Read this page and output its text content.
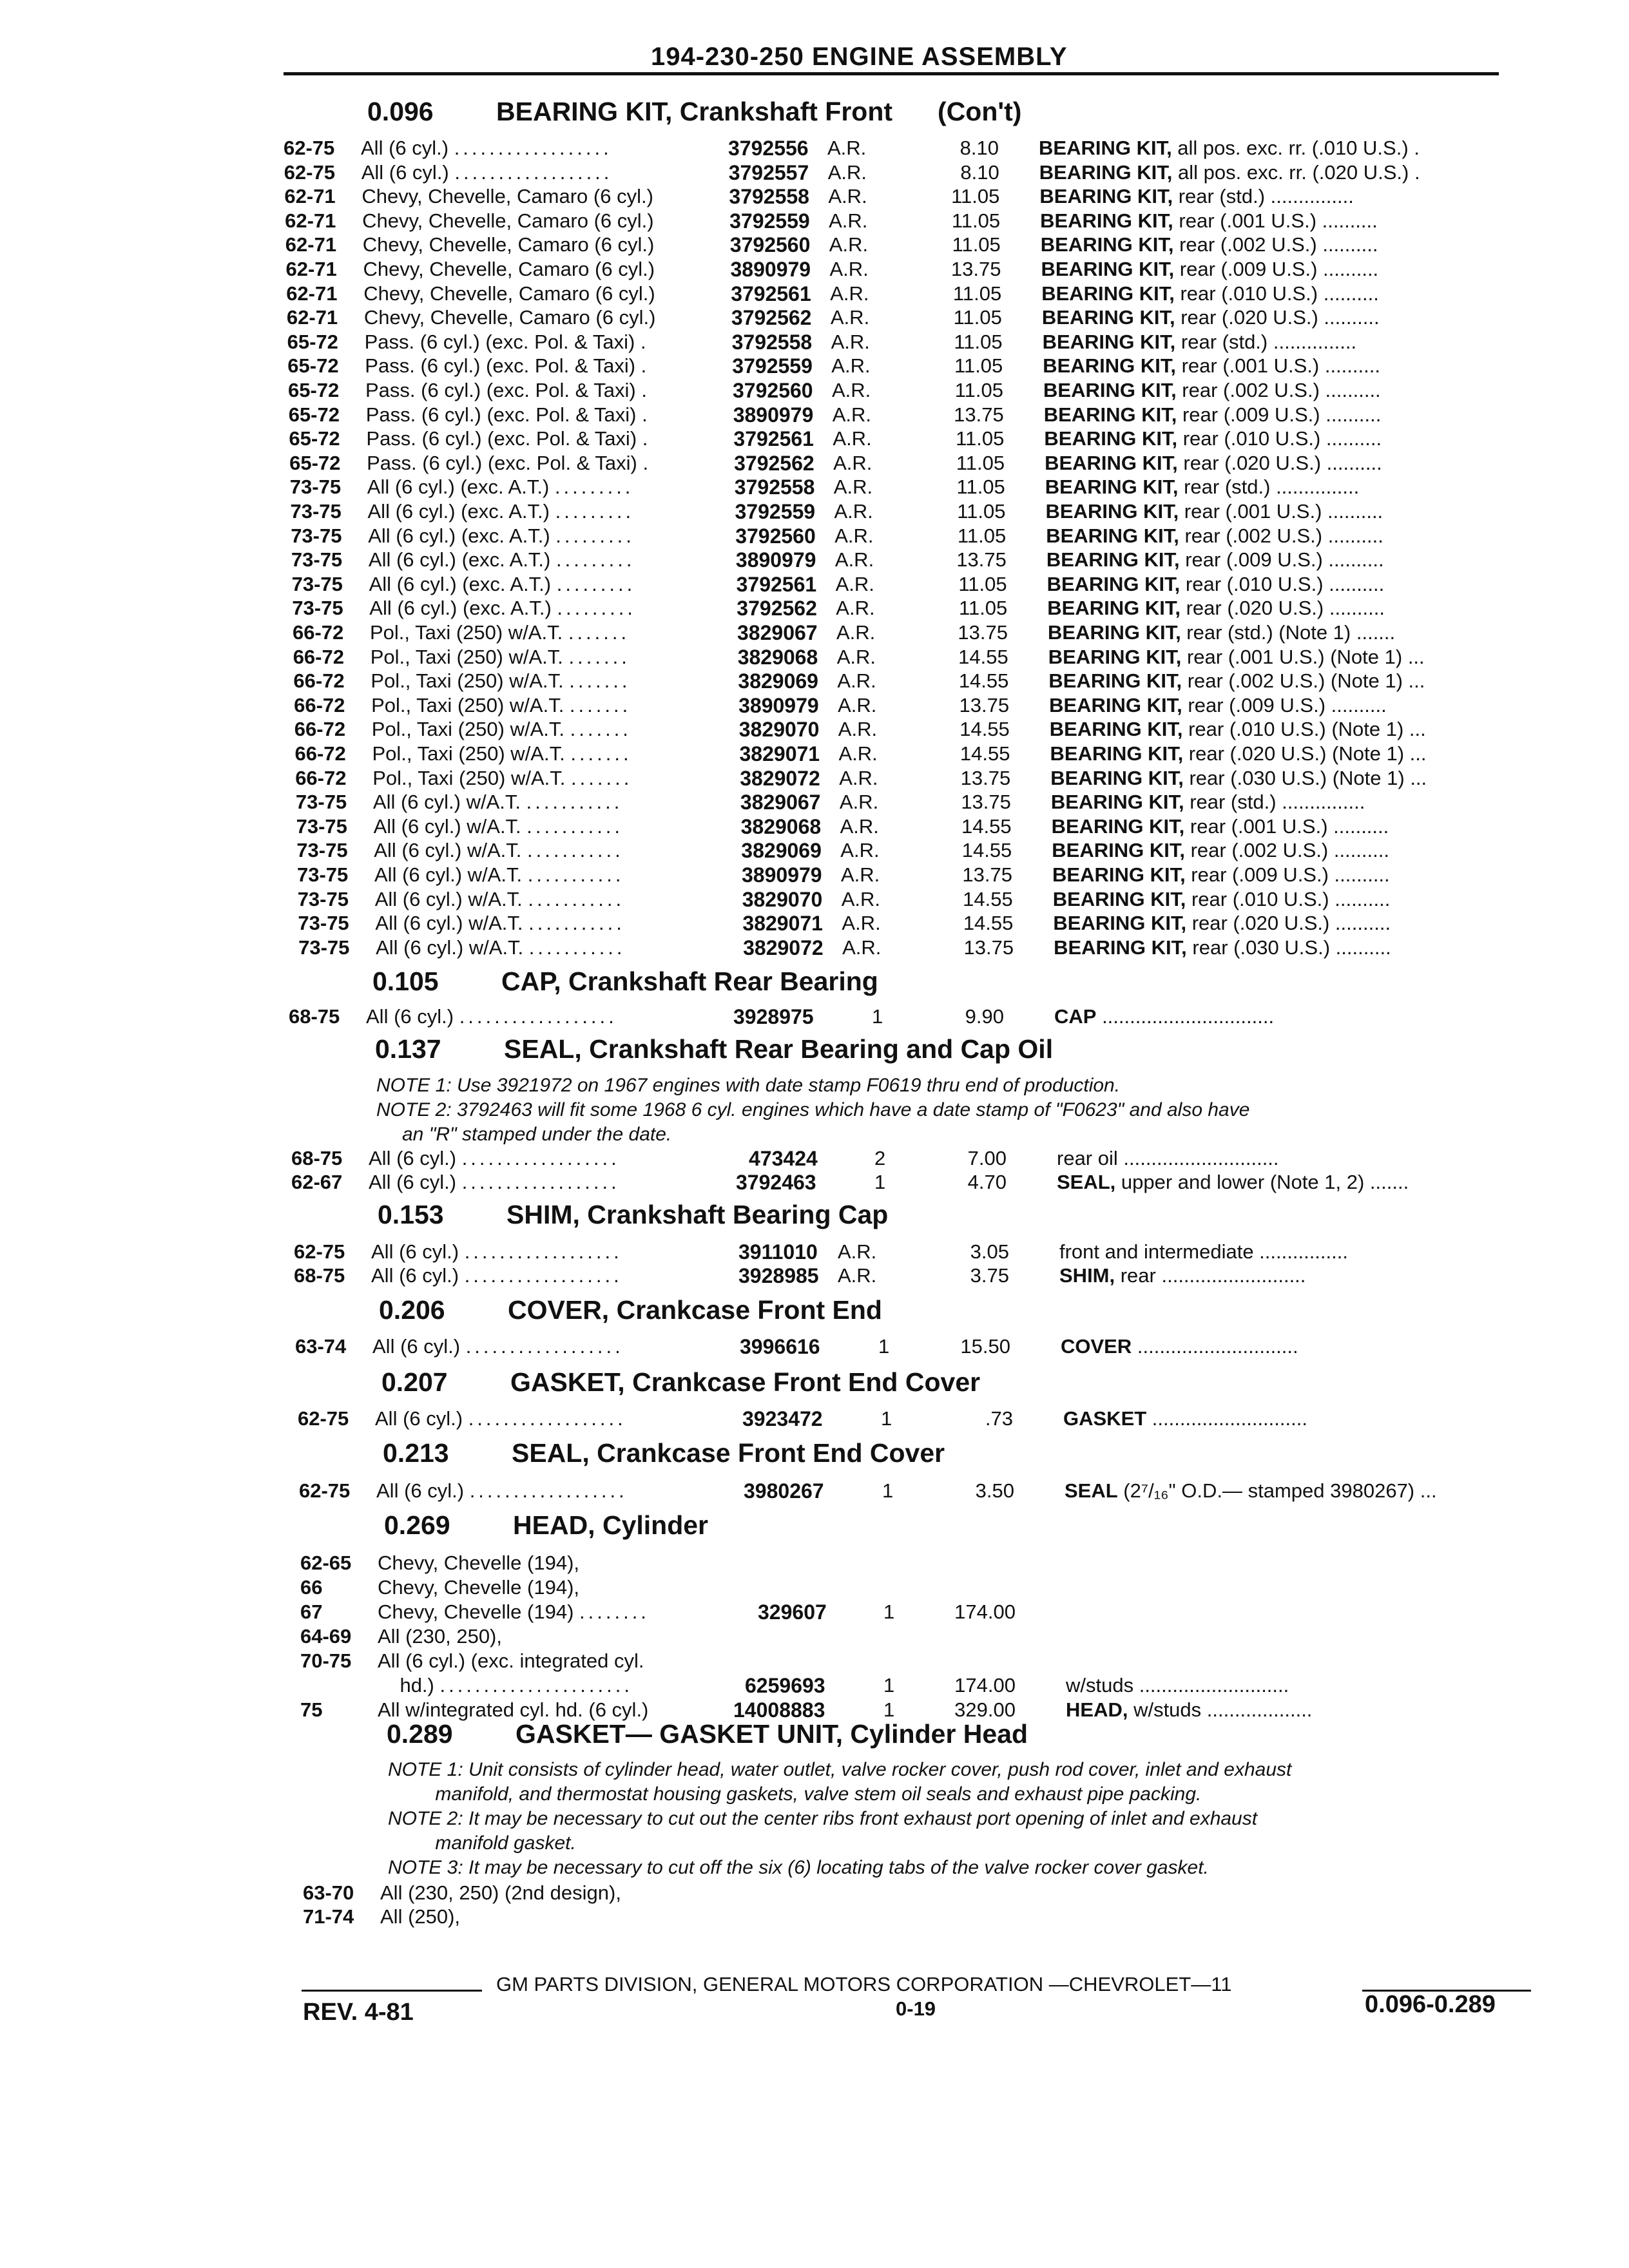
194-230-250 ENGINE ASSEMBLY
0.096 BEARING KIT, Crankshaft Front (Con't)
62-75 All (6 cyl.) ..................	3792556 A.R.	8.10 BEARING KIT, all pos. exc. rr. (.010 U.S.) .
62-75 All (6 cyl.) ..................	3792557 A.R.	8.10 BEARING KIT, all pos. exc. rr. (.020 U.S.) .
62-71 Chevy, Chevelle, Camaro (6 cyl.)	3792558 A.R.	11.05 BEARING KIT, rear (std.) ...............
62-71 Chevy, Chevelle, Camaro (6 cyl.)	3792559 A.R.	11.05 BEARING KIT, rear (.001 U.S.) ..........
62-71 Chevy, Chevelle, Camaro (6 cyl.)	3792560 A.R.	11.05 BEARING KIT, rear (.002 U.S.) ..........
62-71 Chevy, Chevelle, Camaro (6 cyl.)	3890979 A.R.	13.75 BEARING KIT, rear (.009 U.S.) ..........
62-71 Chevy, Chevelle, Camaro (6 cyl.)	3792561 A.R.	11.05 BEARING KIT, rear (.010 U.S.) ..........
62-71 Chevy, Chevelle, Camaro (6 cyl.)	3792562 A.R.	11.05 BEARING KIT, rear (.020 U.S.) ..........
65-72 Pass. (6 cyl.) (exc. Pol. & Taxi) .	3792558 A.R.	11.05 BEARING KIT, rear (std.) ...............
65-72 Pass. (6 cyl.) (exc. Pol. & Taxi) .	3792559 A.R.	11.05 BEARING KIT, rear (.001 U.S.) ..........
65-72 Pass. (6 cyl.) (exc. Pol. & Taxi) .	3792560 A.R.	11.05 BEARING KIT, rear (.002 U.S.) ..........
65-72 Pass. (6 cyl.) (exc. Pol. & Taxi) .	3890979 A.R.	13.75 BEARING KIT, rear (.009 U.S.) ..........
65-72 Pass. (6 cyl.) (exc. Pol. & Taxi) .	3792561 A.R.	11.05 BEARING KIT, rear (.010 U.S.) ..........
65-72 Pass. (6 cyl.) (exc. Pol. & Taxi) .	3792562 A.R.	11.05 BEARING KIT, rear (.020 U.S.) ..........
73-75 All (6 cyl.) (exc. A.T.) .........	3792558 A.R.	11.05 BEARING KIT, rear (std.) ...............
73-75 All (6 cyl.) (exc. A.T.) .........	3792559 A.R.	11.05 BEARING KIT, rear (.001 U.S.) ..........
73-75 All (6 cyl.) (exc. A.T.) .........	3792560 A.R.	11.05 BEARING KIT, rear (.002 U.S.) ..........
73-75 All (6 cyl.) (exc. A.T.) .........	3890979 A.R.	13.75 BEARING KIT, rear (.009 U.S.) ..........
73-75 All (6 cyl.) (exc. A.T.) .........	3792561 A.R.	11.05 BEARING KIT, rear (.010 U.S.) ..........
73-75 All (6 cyl.) (exc. A.T.) .........	3792562 A.R.	11.05 BEARING KIT, rear (.020 U.S.) ..........
66-72 Pol., Taxi (250) w/A.T. .......	3829067 A.R.	13.75 BEARING KIT, rear (std.) (Note 1) .......
66-72 Pol., Taxi (250) w/A.T. .......	3829068 A.R.	14.55 BEARING KIT, rear (.001 U.S.) (Note 1) ...
66-72 Pol., Taxi (250) w/A.T. .......	3829069 A.R.	14.55 BEARING KIT, rear (.002 U.S.) (Note 1) ...
66-72 Pol., Taxi (250) w/A.T. .......	3890979 A.R.	13.75 BEARING KIT, rear (.009 U.S.) ..........
66-72 Pol., Taxi (250) w/A.T. .......	3829070 A.R.	14.55 BEARING KIT, rear (.010 U.S.) (Note 1) ...
66-72 Pol., Taxi (250) w/A.T. .......	3829071 A.R.	14.55 BEARING KIT, rear (.020 U.S.) (Note 1) ...
66-72 Pol., Taxi (250) w/A.T. .......	3829072 A.R.	13.75 BEARING KIT, rear (.030 U.S.) (Note 1) ...
73-75 All (6 cyl.) w/A.T. ...........	3829067 A.R.	13.75 BEARING KIT, rear (std.) ...............
73-75 All (6 cyl.) w/A.T. ...........	3829068 A.R.	14.55 BEARING KIT, rear (.001 U.S.) ..........
73-75 All (6 cyl.) w/A.T. ...........	3829069 A.R.	14.55 BEARING KIT, rear (.002 U.S.) ..........
73-75 All (6 cyl.) w/A.T. ...........	3890979 A.R.	13.75 BEARING KIT, rear (.009 U.S.) ..........
73-75 All (6 cyl.) w/A.T. ...........	3829070 A.R.	14.55 BEARING KIT, rear (.010 U.S.) ..........
73-75 All (6 cyl.) w/A.T. ...........	3829071 A.R.	14.55 BEARING KIT, rear (.020 U.S.) ..........
73-75 All (6 cyl.) w/A.T. ...........	3829072 A.R.	13.75 BEARING KIT, rear (.030 U.S.) ..........
0.105 CAP, Crankshaft Rear Bearing
68-75 All (6 cyl.) ..................	3928975	1	9.90	CAP ...............................
0.137 SEAL, Crankshaft Rear Bearing and Cap Oil
NOTE 1: Use 3921972 on 1967 engines with date stamp F0619 thru end of production.
NOTE 2: 3792463 will fit some 1968 6 cyl. engines which have a date stamp of "F0623" and also have
an "R" stamped under the date.
68-75 All (6 cyl.) ..................	473424	2	7.00	rear oil ............................
62-67 All (6 cyl.) ..................	3792463	1	4.70	SEAL, upper and lower (Note 1, 2) .......
0.153 SHIM, Crankshaft Bearing Cap
62-75 All (6 cyl.) ..................	3911010 A.R.	3.05	front and intermediate ................
68-75 All (6 cyl.) ..................	3928985 A.R.	3.75	SHIM, rear ..........................
0.206 COVER, Crankcase Front End
63-74 All (6 cyl.) ..................	3996616	1	15.50	COVER .............................
0.207 GASKET, Crankcase Front End Cover
62-75 All (6 cyl.) ..................	3923472	1	.73	GASKET ............................
0.213 SEAL, Crankcase Front End Cover
62-75 All (6 cyl.) ..................	3980267	1	3.50	SEAL (2⁷/₁₆" O.D.— stamped 3980267) ...
0.269 HEAD, Cylinder
62-65 Chevy, Chevelle (194),
66	Chevy, Chevelle (194),
67	Chevy, Chevelle (194) ........	329607	1	174.00
64-69 All (230, 250),
70-75 All (6 cyl.) (exc. integrated cyl.
hd.) ......................	6259693	1	174.00	w/studs ...........................
75	All w/integrated cyl. hd. (6 cyl.)	14008883	1	329.00	HEAD, w/studs ...................
0.289 GASKET— GASKET UNIT, Cylinder Head
NOTE 1: Unit consists of cylinder head, water outlet, valve rocker cover, push rod cover, inlet and exhaust
manifold, and thermostat housing gaskets, valve stem oil seals and exhaust pipe packing.
NOTE 2: It may be necessary to cut out the center ribs front exhaust port opening of inlet and exhaust
manifold gasket.
NOTE 3: It may be necessary to cut off the six (6) locating tabs of the valve rocker cover gasket.
63-70 All (230, 250) (2nd design),
71-74 All (250),
GM PARTS DIVISION, GENERAL MOTORS CORPORATION —CHEVROLET—11
REV. 4-81	0-19	0.096-0.289
